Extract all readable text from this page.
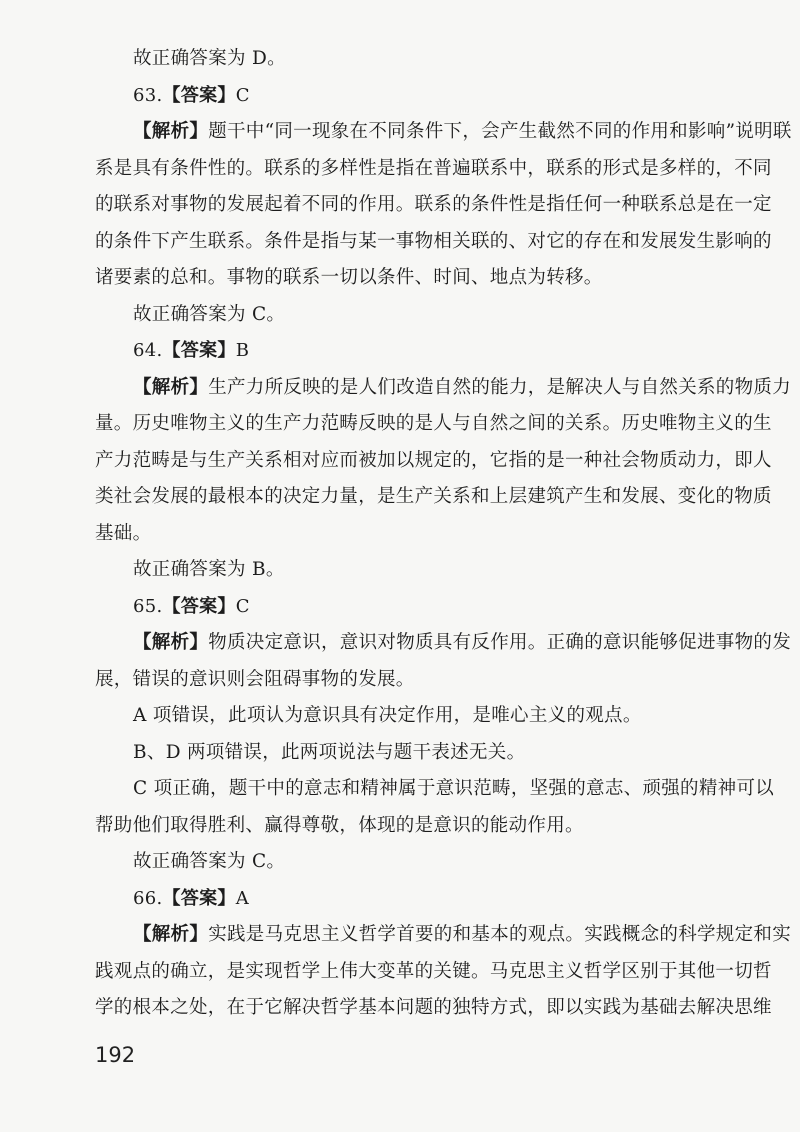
故正确答案为 D。
63.【答案】C
【解析】题干中“同一现象在不同条件下，会产生截然不同的作用和影响”说明联
系是具有条件性的。联系的多样性是指在普遍联系中，联系的形式是多样的，不同
的联系对事物的发展起着不同的作用。联系的条件性是指任何一种联系总是在一定
的条件下产生联系。条件是指与某一事物相关联的、对它的存在和发展发生影响的
诸要素的总和。事物的联系一切以条件、时间、地点为转移。
故正确答案为 C。
64.【答案】B
【解析】生产力所反映的是人们改造自然的能力，是解决人与自然关系的物质力
量。历史唯物主义的生产力范畴反映的是人与自然之间的关系。历史唯物主义的生
产力范畴是与生产关系相对应而被加以规定的，它指的是一种社会物质动力，即人
类社会发展的最根本的决定力量，是生产关系和上层建筑产生和发展、变化的物质
基础。
故正确答案为 B。
65.【答案】C
【解析】物质决定意识，意识对物质具有反作用。正确的意识能够促进事物的发
展，错误的意识则会阻碍事物的发展。
A 项错误，此项认为意识具有决定作用，是唯心主义的观点。
B、D 两项错误，此两项说法与题干表述无关。
C 项正确，题干中的意志和精神属于意识范畴，坚强的意志、顽强的精神可以
帮助他们取得胜利、赢得尊敬，体现的是意识的能动作用。
故正确答案为 C。
192
66.【答案】A
【解析】实践是马克思主义哲学首要的和基本的观点。实践概念的科学规定和实
践观点的确立，是实现哲学上伟大变革的关键。马克思主义哲学区别于其他一切哲
学的根本之处，在于它解决哲学基本问题的独特方式，即以实践为基础去解决思维
